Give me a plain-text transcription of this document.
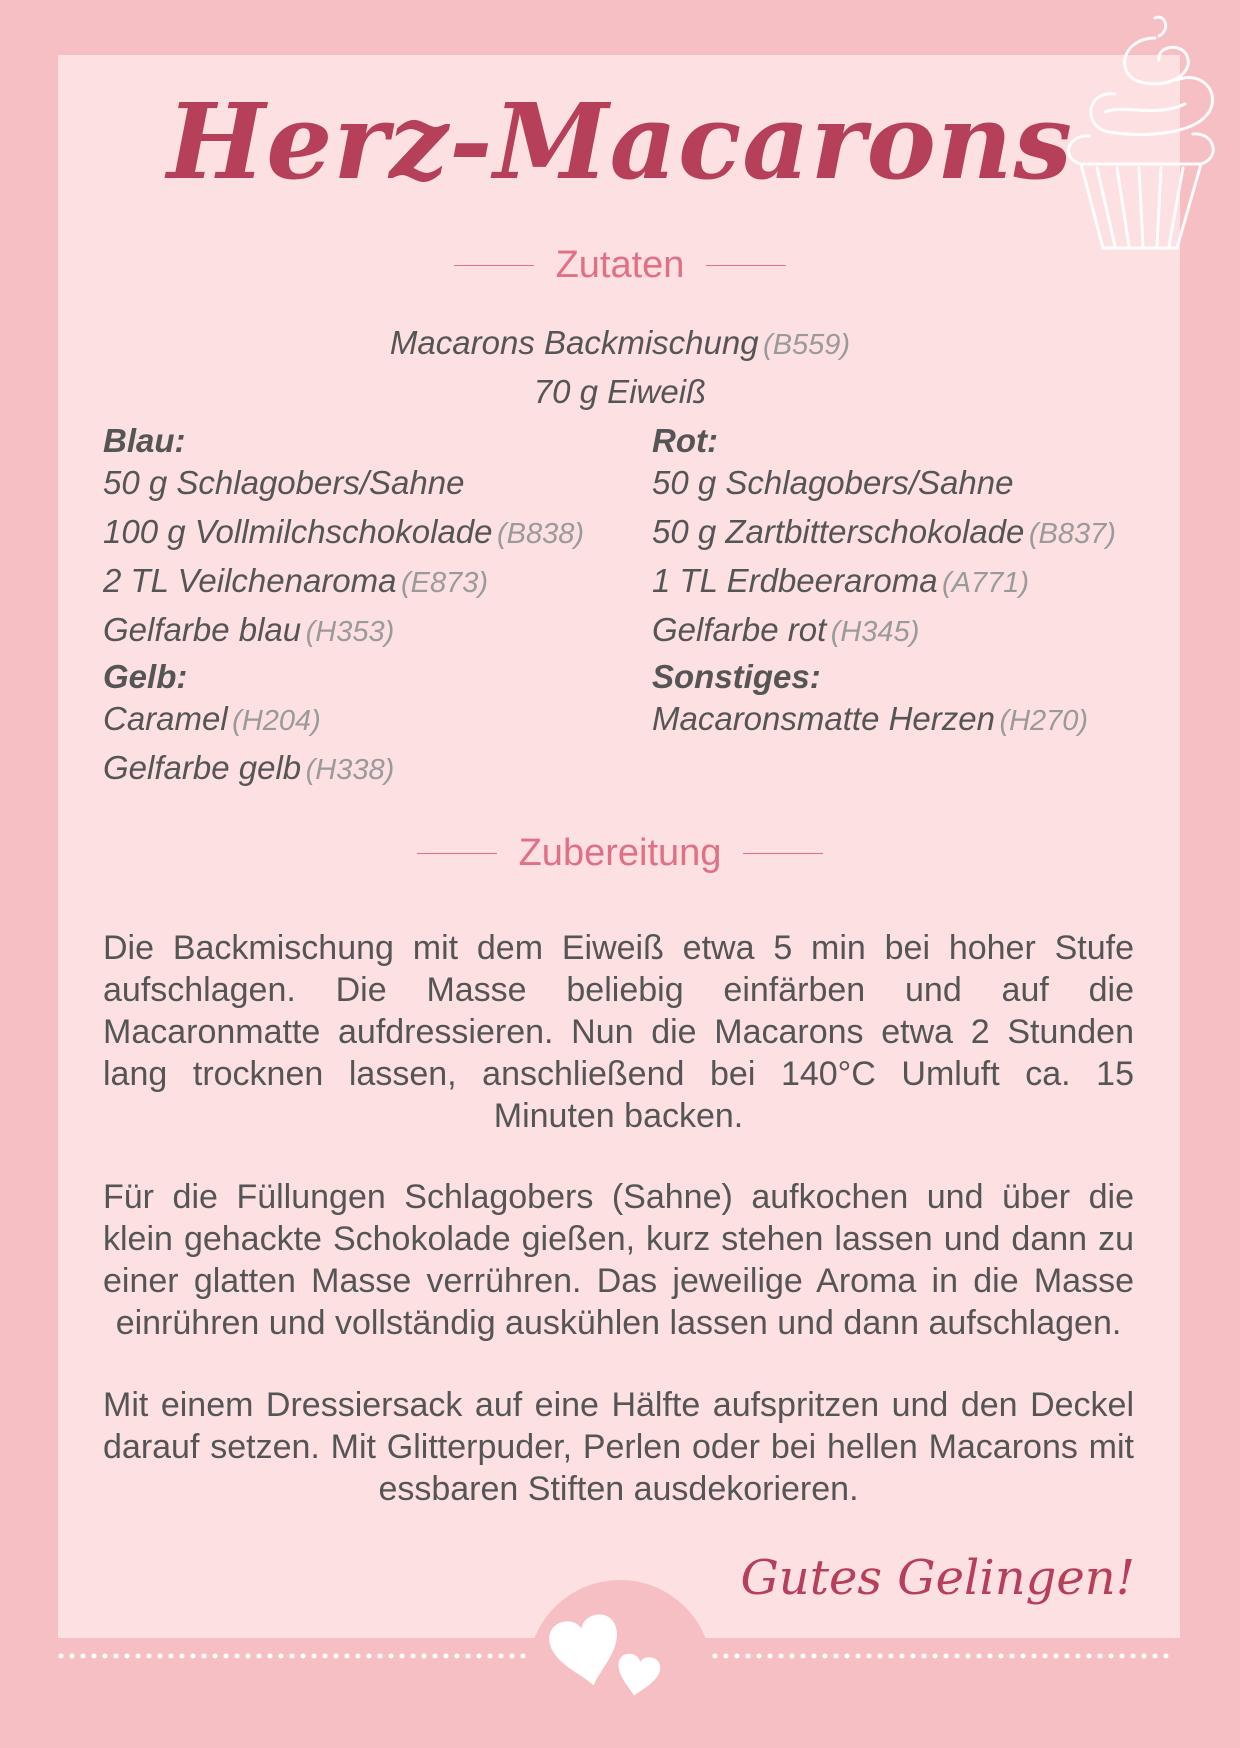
Herz-Macarons
Zutaten
Macarons Backmischung (B559)
70 g Eiweiß
Blau:
50 g Schlagobers/Sahne
100 g Vollmilchschokolade (B838)
2 TL Veilchenaroma (E873)
Gelfarbe blau (H353)
Rot:
50 g Schlagobers/Sahne
50 g Zartbitterschokolade (B837)
1 TL Erdbeeraroma (A771)
Gelfarbe rot (H345)
Gelb:
Caramel (H204)
Gelfarbe gelb (H338)
Sonstiges:
Macaronsmatte Herzen (H270)
Zubereitung

Die Backmischung mit dem Eiweiß etwa 5 min bei hoher Stufe aufschlagen. Die Masse beliebig einfärben und auf die Macaronmatte aufdressieren. Nun die Macarons etwa 2 Stunden lang trocknen lassen, anschließend bei 140°C Umluft ca. 15 Minuten backen.

Für die Füllungen Schlagobers (Sahne) aufkochen und über die klein gehackte Schokolade gießen, kurz stehen lassen und dann zu einer glatten Masse verrühren. Das jeweilige Aroma in die Masse einrühren und vollständig auskühlen lassen und dann aufschlagen.

Mit einem Dressiersack auf eine Hälfte aufspritzen und den Deckel darauf setzen. Mit Glitterpuder, Perlen oder bei hellen Macarons mit essbaren Stiften ausdekorieren.

Gutes Gelingen!
